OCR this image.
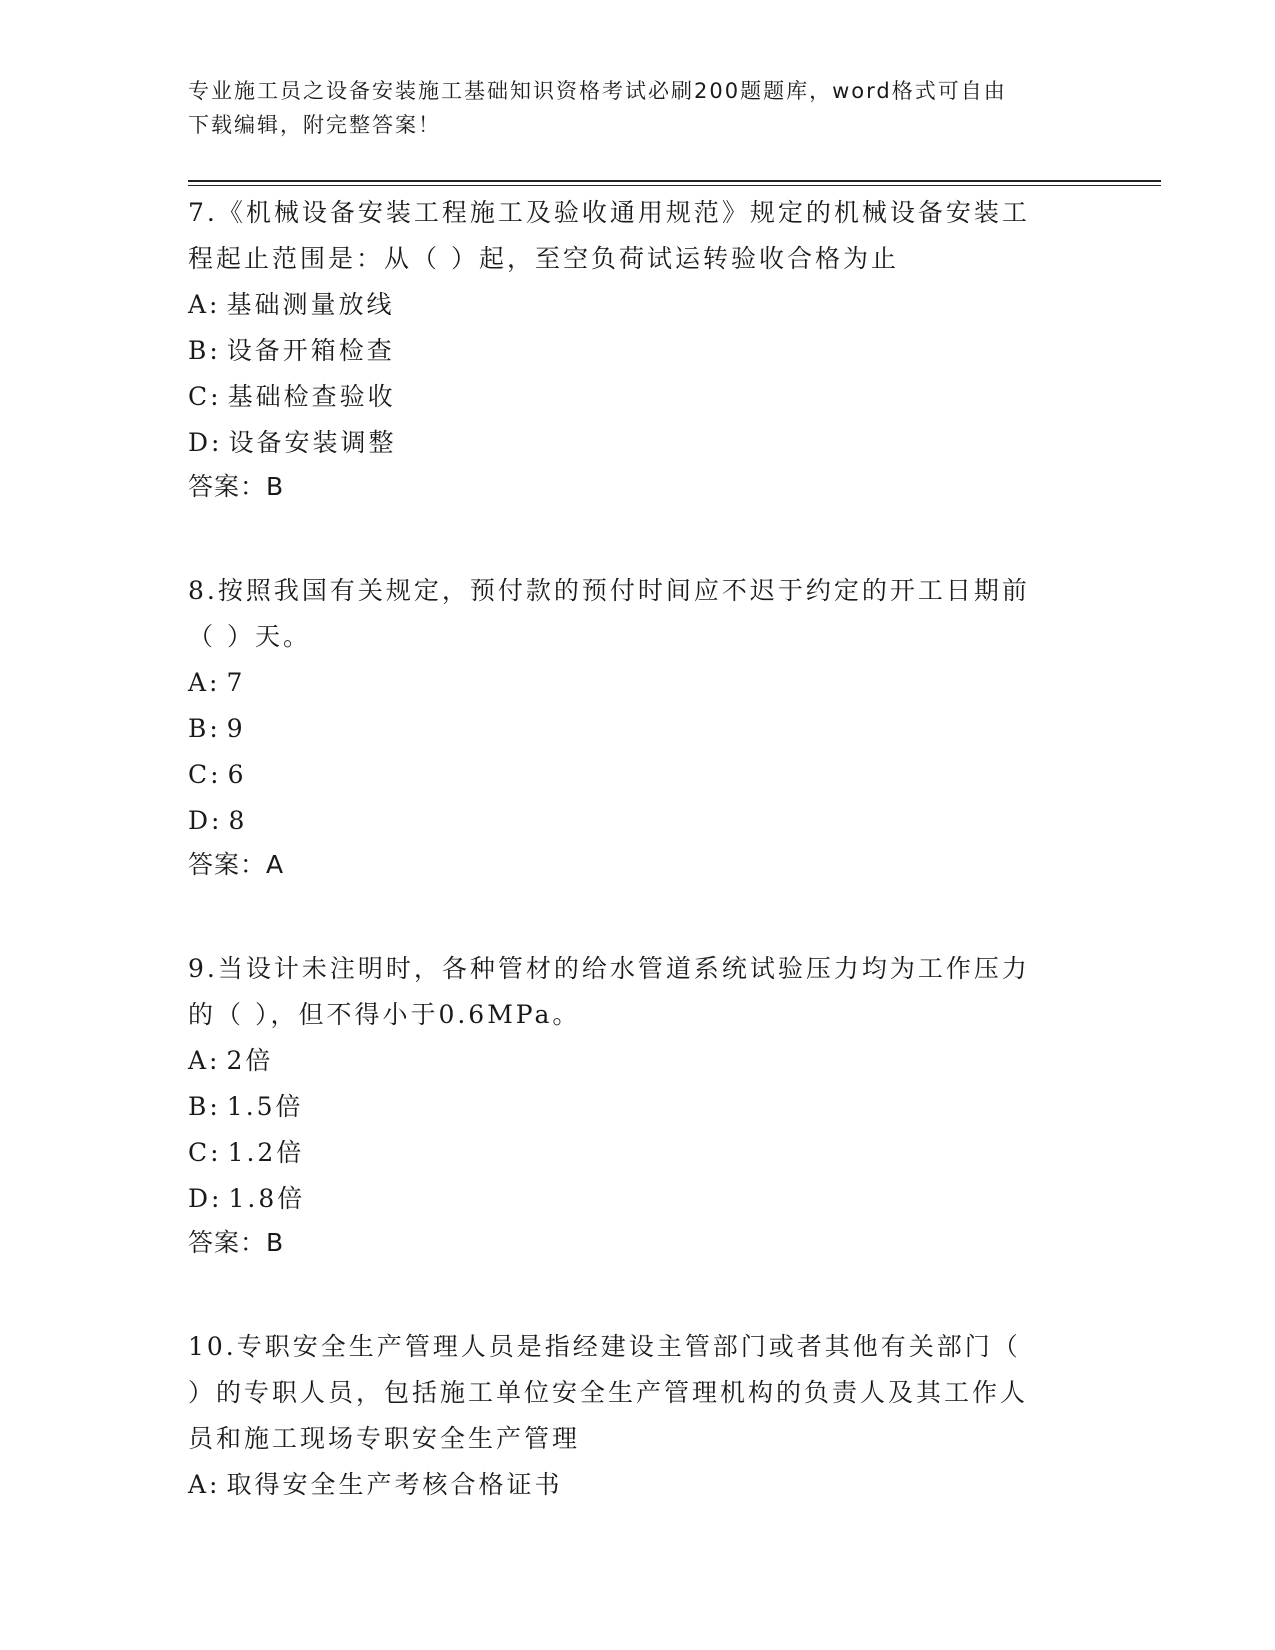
专业施工员之设备安装施工基础知识资格考试必刷200题题库，word格式可自由

下载编辑，附完整答案！

7.《机械设备安装工程施工及验收通用规范》规定的机械设备安装工

程起止范围是：从（ ）起，至空负荷试运转验收合格为止

A: 基础测量放线
B: 设备开箱检查
C: 基础检查验收
D: 设备安装调整

答案：B

8.按照我国有关规定，预付款的预付时间应不迟于约定的开工日期前

（ ）天。

A: 7
B: 9
C: 6
D: 8

答案：A

9.当设计未注明时，各种管材的给水管道系统试验压力均为工作压力

的（ ），但不得小于0.6MPa。

A: 2倍
B: 1.5倍
C: 1.2倍
D: 1.8倍

答案：B

10.专职安全生产管理人员是指经建设主管部门或者其他有关部门（

）的专职人员，包括施工单位安全生产管理机构的负责人及其工作人

员和施工现场专职安全生产管理

A: 取得安全生产考核合格证书
